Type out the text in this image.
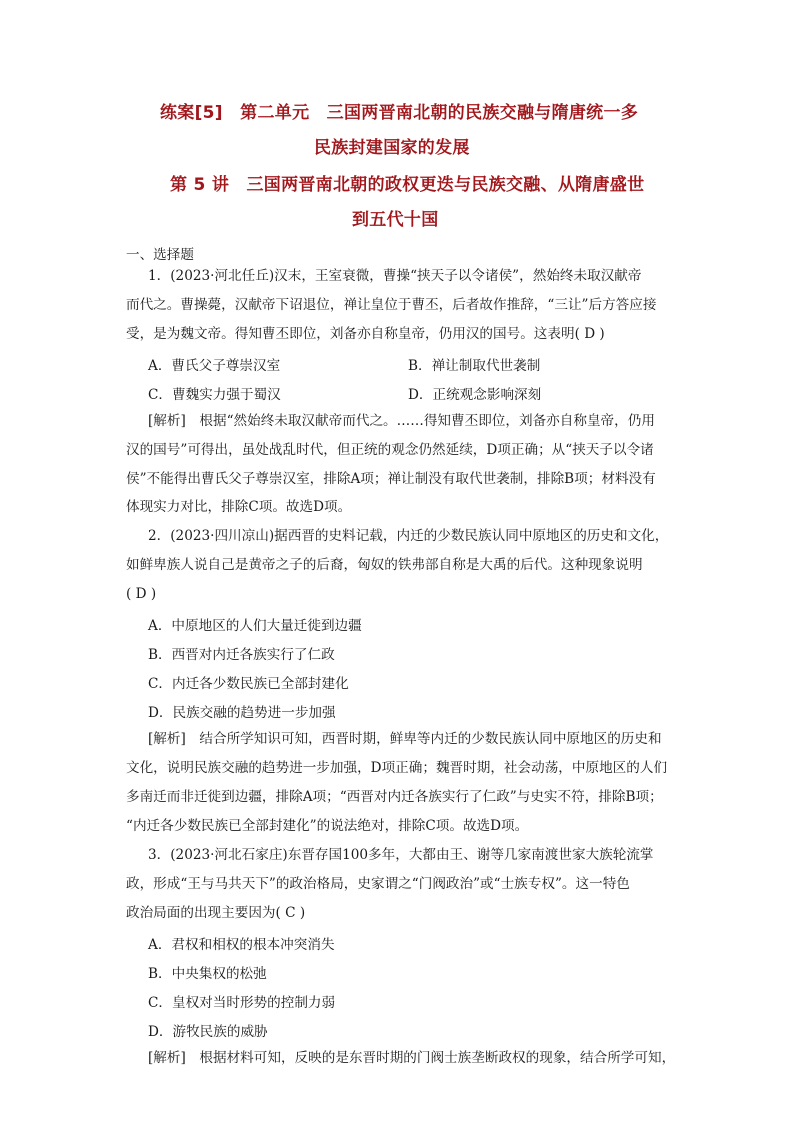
练案[5]　第二单元　三国两晋南北朝的民族交融与隋唐统一多
民族封建国家的发展
第 5 讲　三国两晋南北朝的政权更迭与民族交融、从隋唐盛世
到五代十国
一、选择题
1．(2023·河北任丘)汉末，王室衰微，曹操“挟天子以令诸侯”，然始终未取汉献帝
而代之。曹操薨，汉献帝下诏退位，禅让皇位于曹丕，后者故作推辞，“三让”后方答应接
受，是为魏文帝。得知曹丕即位，刘备亦自称皇帝，仍用汉的国号。这表明( D )
A．曹氏父子尊崇汉室	B．禅让制取代世袭制
C．曹魏实力强于蜀汉	D．正统观念影响深刻
[解析]　根据“然始终未取汉献帝而代之。……得知曹丕即位，刘备亦自称皇帝，仍用
汉的国号”可得出，虽处战乱时代，但正统的观念仍然延续，D项正确；从“挟天子以令诸
侯”不能得出曹氏父子尊崇汉室，排除A项；禅让制没有取代世袭制，排除B项；材料没有
体现实力对比，排除C项。故选D项。
2．(2023·四川凉山)据西晋的史料记载，内迁的少数民族认同中原地区的历史和文化，
如鲜卑族人说自己是黄帝之子的后裔，匈奴的铁弗部自称是大禹的后代。这种现象说明
( D )
A．中原地区的人们大量迁徙到边疆
B．西晋对内迁各族实行了仁政
C．内迁各少数民族已全部封建化
D．民族交融的趋势进一步加强
[解析]　结合所学知识可知，西晋时期，鲜卑等内迁的少数民族认同中原地区的历史和
文化，说明民族交融的趋势进一步加强，D项正确；魏晋时期，社会动荡，中原地区的人们
多南迁而非迁徙到边疆，排除A项；“西晋对内迁各族实行了仁政”与史实不符，排除B项；
“内迁各少数民族已全部封建化”的说法绝对，排除C项。故选D项。
3．(2023·河北石家庄)东晋存国100多年，大都由王、谢等几家南渡世家大族轮流掌
政，形成“王与马共天下”的政治格局，史家谓之“门阀政治”或“士族专权”。这一特色
政治局面的出现主要因为( C )
A．君权和相权的根本冲突消失
B．中央集权的松弛
C．皇权对当时形势的控制力弱
D．游牧民族的威胁
[解析]　根据材料可知，反映的是东晋时期的门阀士族垄断政权的现象，结合所学可知，
